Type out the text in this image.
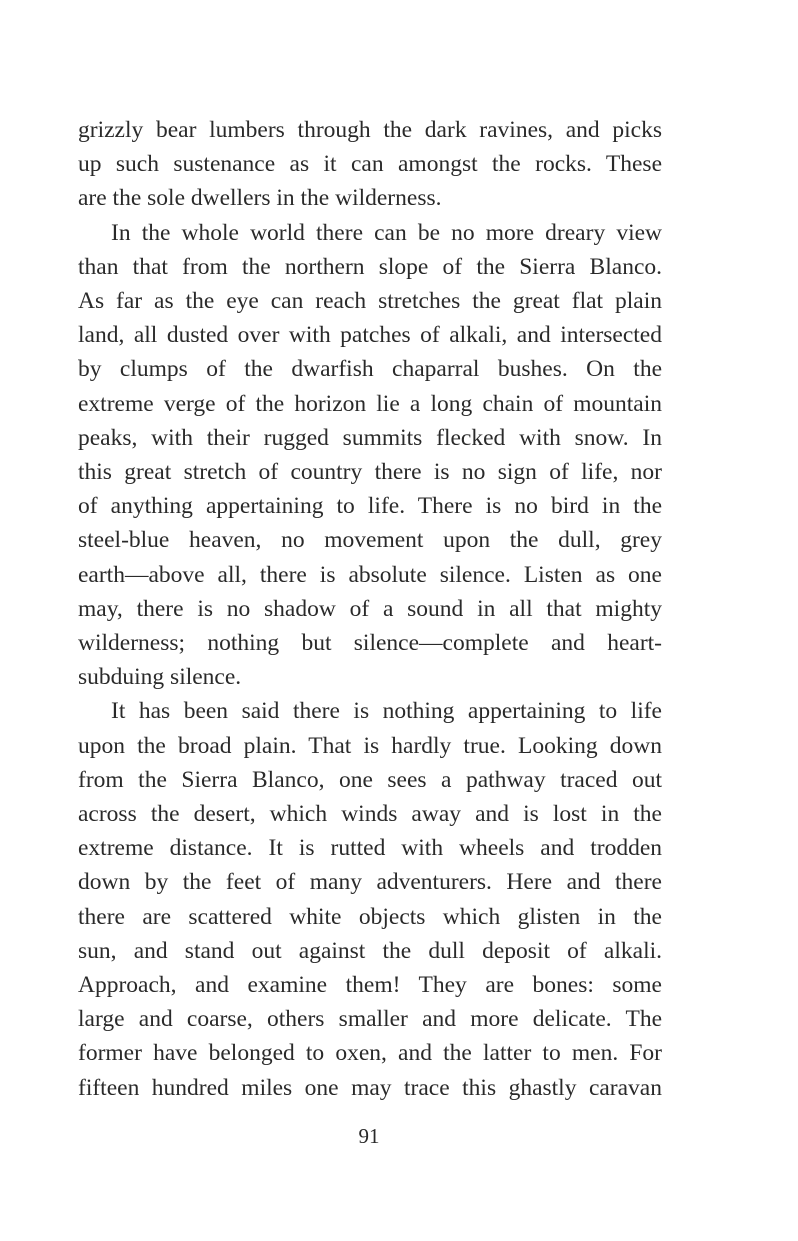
grizzly bear lumbers through the dark ravines, and picks
up such sustenance as it can amongst the rocks. These
are the sole dwellers in the wilderness.
In the whole world there can be no more dreary view
than that from the northern slope of the Sierra Blanco.
As far as the eye can reach stretches the great flat plain
land, all dusted over with patches of alkali, and intersected
by clumps of the dwarfish chaparral bushes. On the
extreme verge of the horizon lie a long chain of mountain
peaks, with their rugged summits flecked with snow. In
this great stretch of country there is no sign of life, nor
of anything appertaining to life. There is no bird in the
steel-blue heaven, no movement upon the dull, grey
earth—above all, there is absolute silence. Listen as one
may, there is no shadow of a sound in all that mighty
wilderness; nothing but silence—complete and heart-
subduing silence.
It has been said there is nothing appertaining to life
upon the broad plain. That is hardly true. Looking down
from the Sierra Blanco, one sees a pathway traced out
across the desert, which winds away and is lost in the
extreme distance. It is rutted with wheels and trodden
down by the feet of many adventurers. Here and there
there are scattered white objects which glisten in the
sun, and stand out against the dull deposit of alkali.
Approach, and examine them! They are bones: some
large and coarse, others smaller and more delicate. The
former have belonged to oxen, and the latter to men. For
fifteen hundred miles one may trace this ghastly caravan
91
